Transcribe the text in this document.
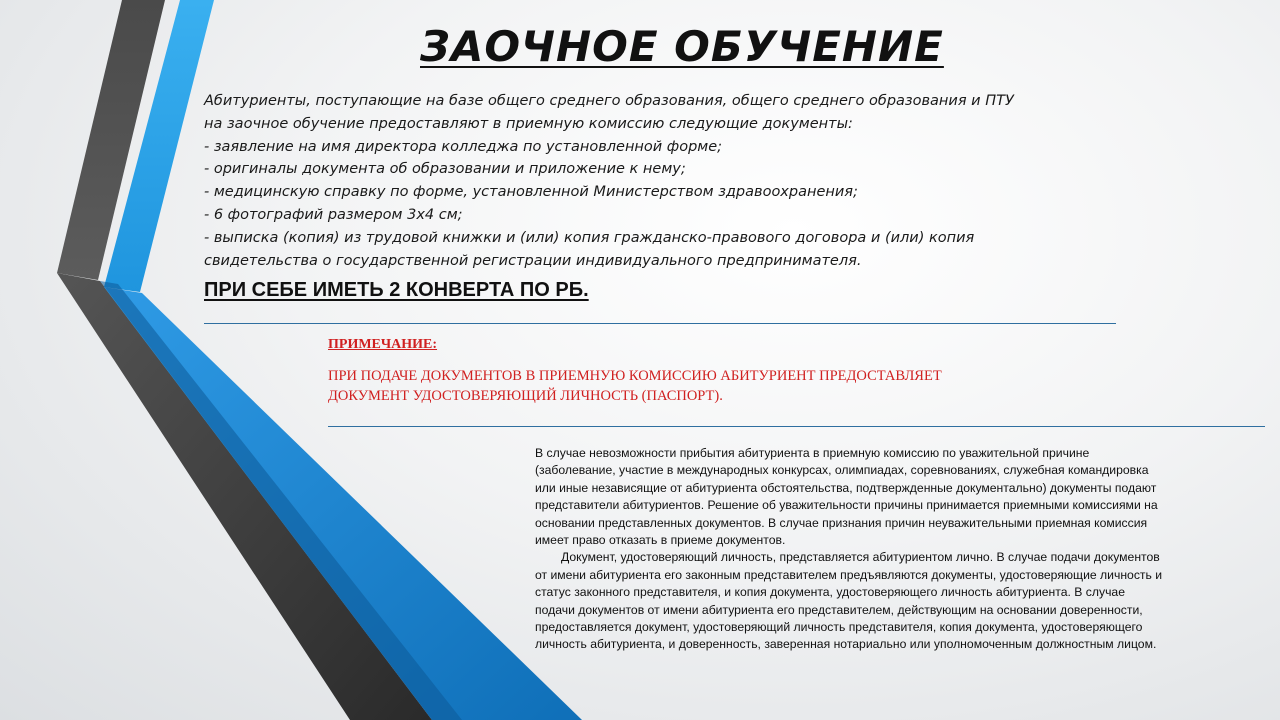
ЗАОЧНОЕ ОБУЧЕНИЕ

Абитуриенты, поступающие на базе общего среднего образования, общего среднего образования и ПТУ

на заочное обучение предоставляют в приемную комиссию следующие документы:

- заявление на имя директора колледжа по установленной форме;

- оригиналы документа об образовании и приложение к нему;

- медицинскую справку по форме, установленной Министерством здравоохранения;

- 6 фотографий размером 3х4 см;

- выписка (копия) из трудовой книжки и (или) копия гражданско-правового договора и (или) копия

свидетельства о государственной регистрации индивидуального предпринимателя.

ПРИ СЕБЕ ИМЕТЬ 2 КОНВЕРТА ПО РБ.
ПРИМЕЧАНИЕ:
ПРИ ПОДАЧЕ ДОКУМЕНТОВ В ПРИЕМНУЮ КОМИССИЮ АБИТУРИЕНТ ПРЕДОСТАВЛЯЕТ
ДОКУМЕНТ УДОСТОВЕРЯЮЩИЙ ЛИЧНОСТЬ (ПАСПОРТ).

В случае невозможности прибытия абитуриента в приемную комиссию по уважительной причине

(заболевание, участие в международных конкурсах, олимпиадах, соревнованиях, служебная командировка

или иные независящие от абитуриента обстоятельства, подтвержденные документально) документы подают

представители абитуриентов. Решение об уважительности причины принимается приемными комиссиями на

основании представленных документов. В случае признания причин неуважительными приемная комиссия

имеет право отказать в приеме документов.

Документ, удостоверяющий личность, представляется абитуриентом лично. В случае подачи документов

от имени абитуриента его законным представителем предъявляются документы, удостоверяющие личность и

статус законного представителя, и копия документа, удостоверяющего личность абитуриента. В случае

подачи документов от имени абитуриента его представителем, действующим на основании доверенности,

предоставляется документ, удостоверяющий личность представителя, копия документа, удостоверяющего

личность абитуриента, и доверенность, заверенная нотариально или уполномоченным должностным лицом.
